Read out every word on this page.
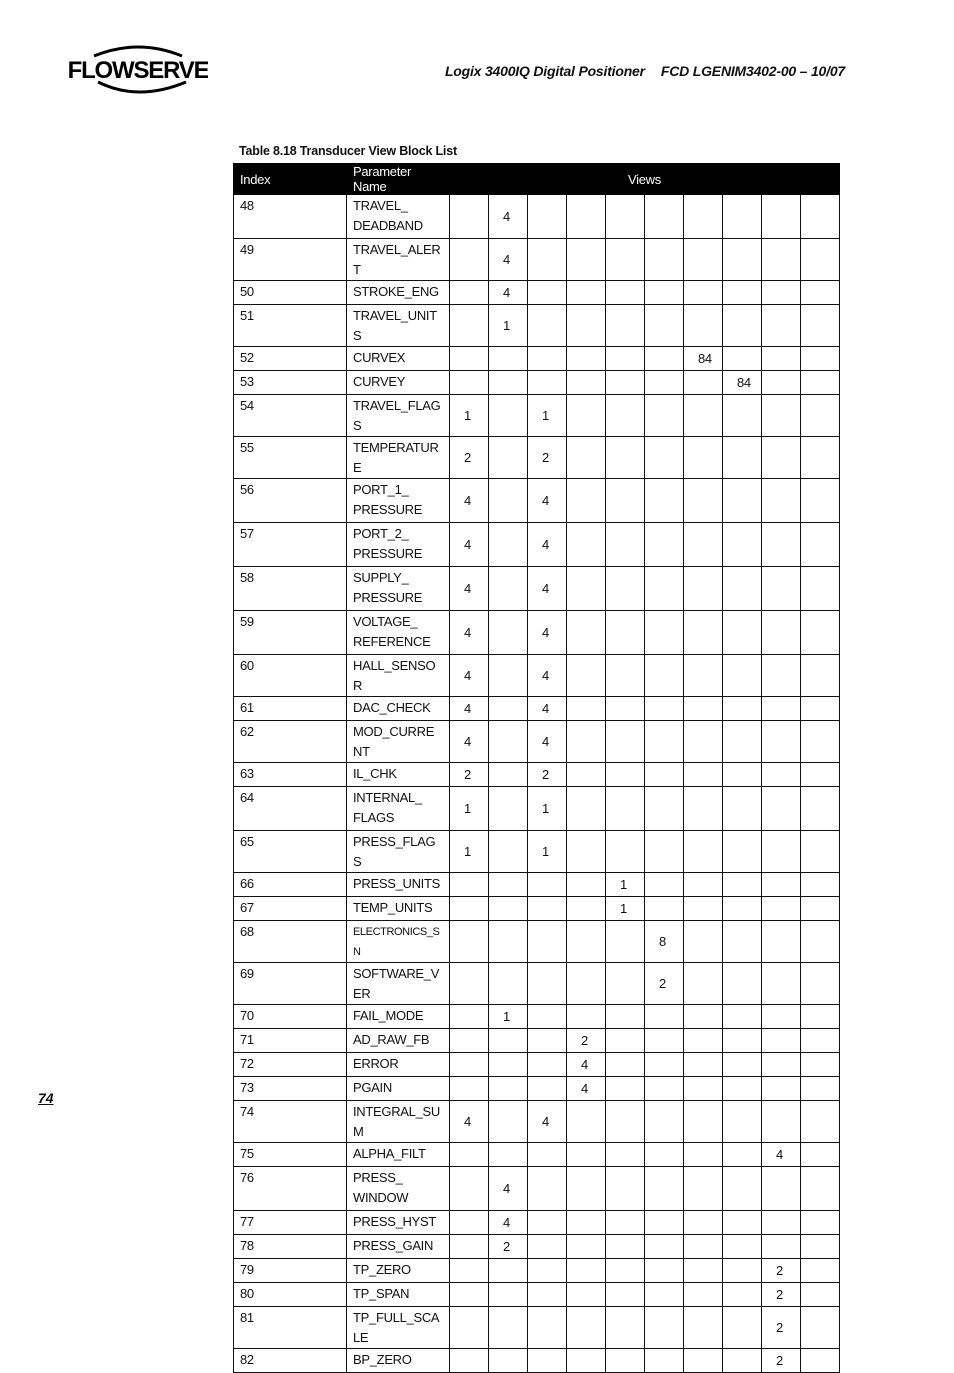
FLOWSERVE	Logix 3400IQ Digital Positioner FCD LGENIM3402-00 – 10/07
Table 8.18 Transducer View Block List
Index	Parameter Name	Views									
48	TRAVEL_ DEADBAND		4								
49	TRAVEL_ALERT		4								
50	STROKE_ENG		4								
51	TRAVEL_UNITS		1								
52	CURVEX							84			
53	CURVEY								84		
54	TRAVEL_FLAGS	1		1							
55	TEMPERATURE	2		2							
56	PORT_1_ PRESSURE	4		4							
57	PORT_2_ PRESSURE	4		4							
58	SUPPLY_ PRESSURE	4		4							
59	VOLTAGE_ REFERENCE	4		4							
60	HALL_SENSOR	4		4							
61	DAC_CHECK	4		4							
62	MOD_CURRENT	4		4							
63	IL_CHK	2		2							
64	INTERNAL_ FLAGS	1		1							
65	PRESS_FLAGS	1		1							
66	PRESS_UNITS					1					
67	TEMP_UNITS					1					
68	ELECTRONICS_SN						8				
69	SOFTWARE_VER						2				
70	FAIL_MODE		1								
71	AD_RAW_FB				2						
72	ERROR				4						
73	PGAIN				4						
74	INTEGRAL_SUM	4		4							
75	ALPHA_FILT									4	
76	PRESS_ WINDOW		4								
77	PRESS_HYST		4								
78	PRESS_GAIN		2								
79	TP_ZERO									2	
80	TP_SPAN									2	
81	TP_FULL_SCALE									2	
82	BP_ZERO									2	
74
